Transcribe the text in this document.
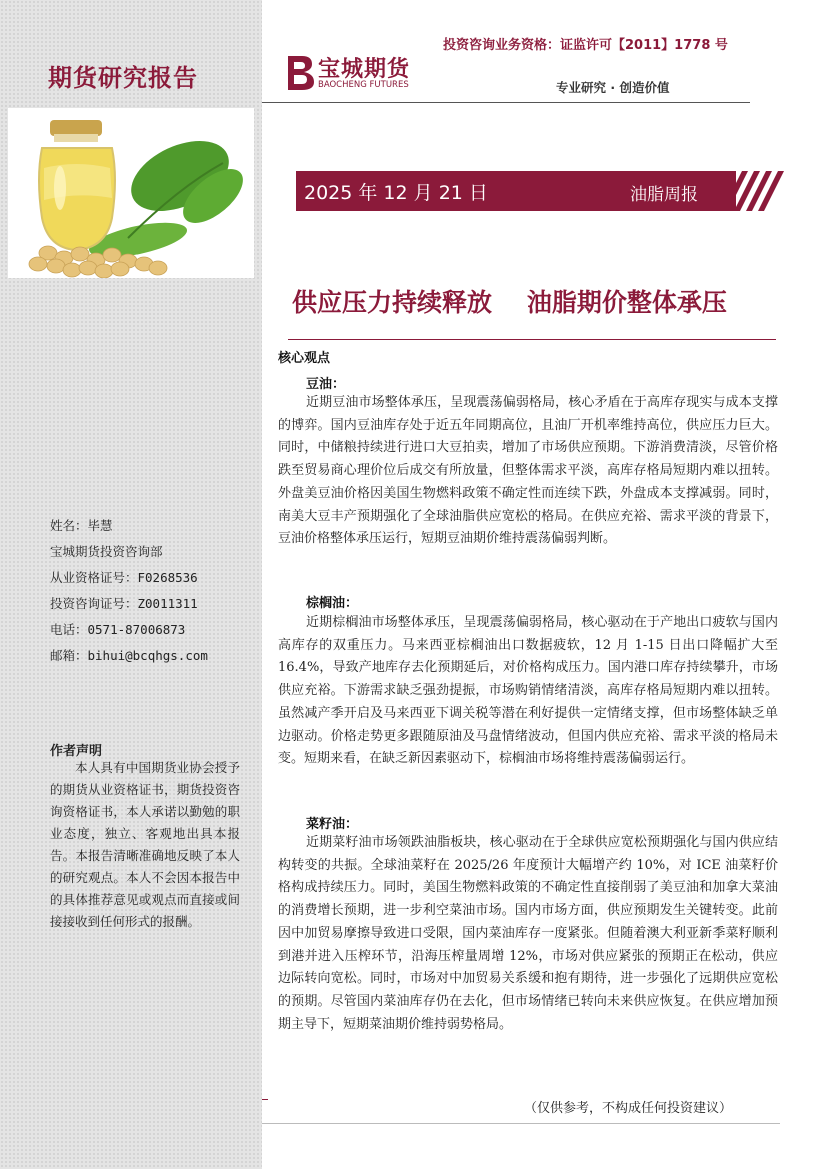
期货研究报告
姓名：毕慧
宝城期货投资咨询部
从业资格证号：F0268536
投资咨询证号：Z0011311
电话：0571-87006873
邮箱：bihui@bcqhgs.com
作者声明
本人具有中国期货业协会授予的期货从业资格证书，期货投资咨询资格证书，本人承诺以勤勉的职业态度，独立、客观地出具本报告。本报告清晰准确地反映了本人的研究观点。本人不会因本报告中的具体推荐意见或观点而直接或间接接收到任何形式的报酬。
投资咨询业务资格：证监许可【2011】1778 号
宝城期货
BAOCHENG FUTURES	专业研究 · 创造价值
2025 年 12 月 21 日	油脂周报
供应压力持续释放    油脂期价整体承压
核心观点
豆油：
近期豆油市场整体承压，呈现震荡偏弱格局，核心矛盾在于高库存现实与成本支撑的博弈。国内豆油库存处于近五年同期高位，且油厂开机率维持高位，供应压力巨大。同时，中储粮持续进行进口大豆拍卖，增加了市场供应预期。下游消费清淡，尽管价格跌至贸易商心理价位后成交有所放量，但整体需求平淡，高库存格局短期内难以扭转。外盘美豆油价格因美国生物燃料政策不确定性而连续下跌，外盘成本支撑减弱。同时，南美大豆丰产预期强化了全球油脂供应宽松的格局。在供应充裕、需求平淡的背景下，豆油价格整体承压运行，短期豆油期价维持震荡偏弱判断。
棕榈油：
近期棕榈油市场整体承压，呈现震荡偏弱格局，核心驱动在于产地出口疲软与国内高库存的双重压力。马来西亚棕榈油出口数据疲软，12 月 1-15 日出口降幅扩大至 16.4%，导致产地库存去化预期延后，对价格构成压力。国内港口库存持续攀升，市场供应充裕。下游需求缺乏强劲提振，市场购销情绪清淡，高库存格局短期内难以扭转。虽然减产季开启及马来西亚下调关税等潜在利好提供一定情绪支撑，但市场整体缺乏单边驱动。价格走势更多跟随原油及马盘情绪波动，但国内供应充裕、需求平淡的格局未变。短期来看，在缺乏新因素驱动下，棕榈油市场将维持震荡偏弱运行。
菜籽油：
近期菜籽油市场领跌油脂板块，核心驱动在于全球供应宽松预期强化与国内供应结构转变的共振。全球油菜籽在 2025/26 年度预计大幅增产约 10%，对 ICE 油菜籽价格构成持续压力。同时，美国生物燃料政策的不确定性直接削弱了美豆油和加拿大菜油的消费增长预期，进一步利空菜油市场。国内市场方面，供应预期发生关键转变。此前因中加贸易摩擦导致进口受限，国内菜油库存一度紧张。但随着澳大利亚新季菜籽顺利到港并进入压榨环节，沿海压榨量周增 12%，市场对供应紧张的预期正在松动，供应边际转向宽松。同时，市场对中加贸易关系缓和抱有期待，进一步强化了远期供应宽松的预期。尽管国内菜油库存仍在去化，但市场情绪已转向未来供应恢复。在供应增加预期主导下，短期菜油期价维持弱势格局。
（仅供参考，不构成任何投资建议）
